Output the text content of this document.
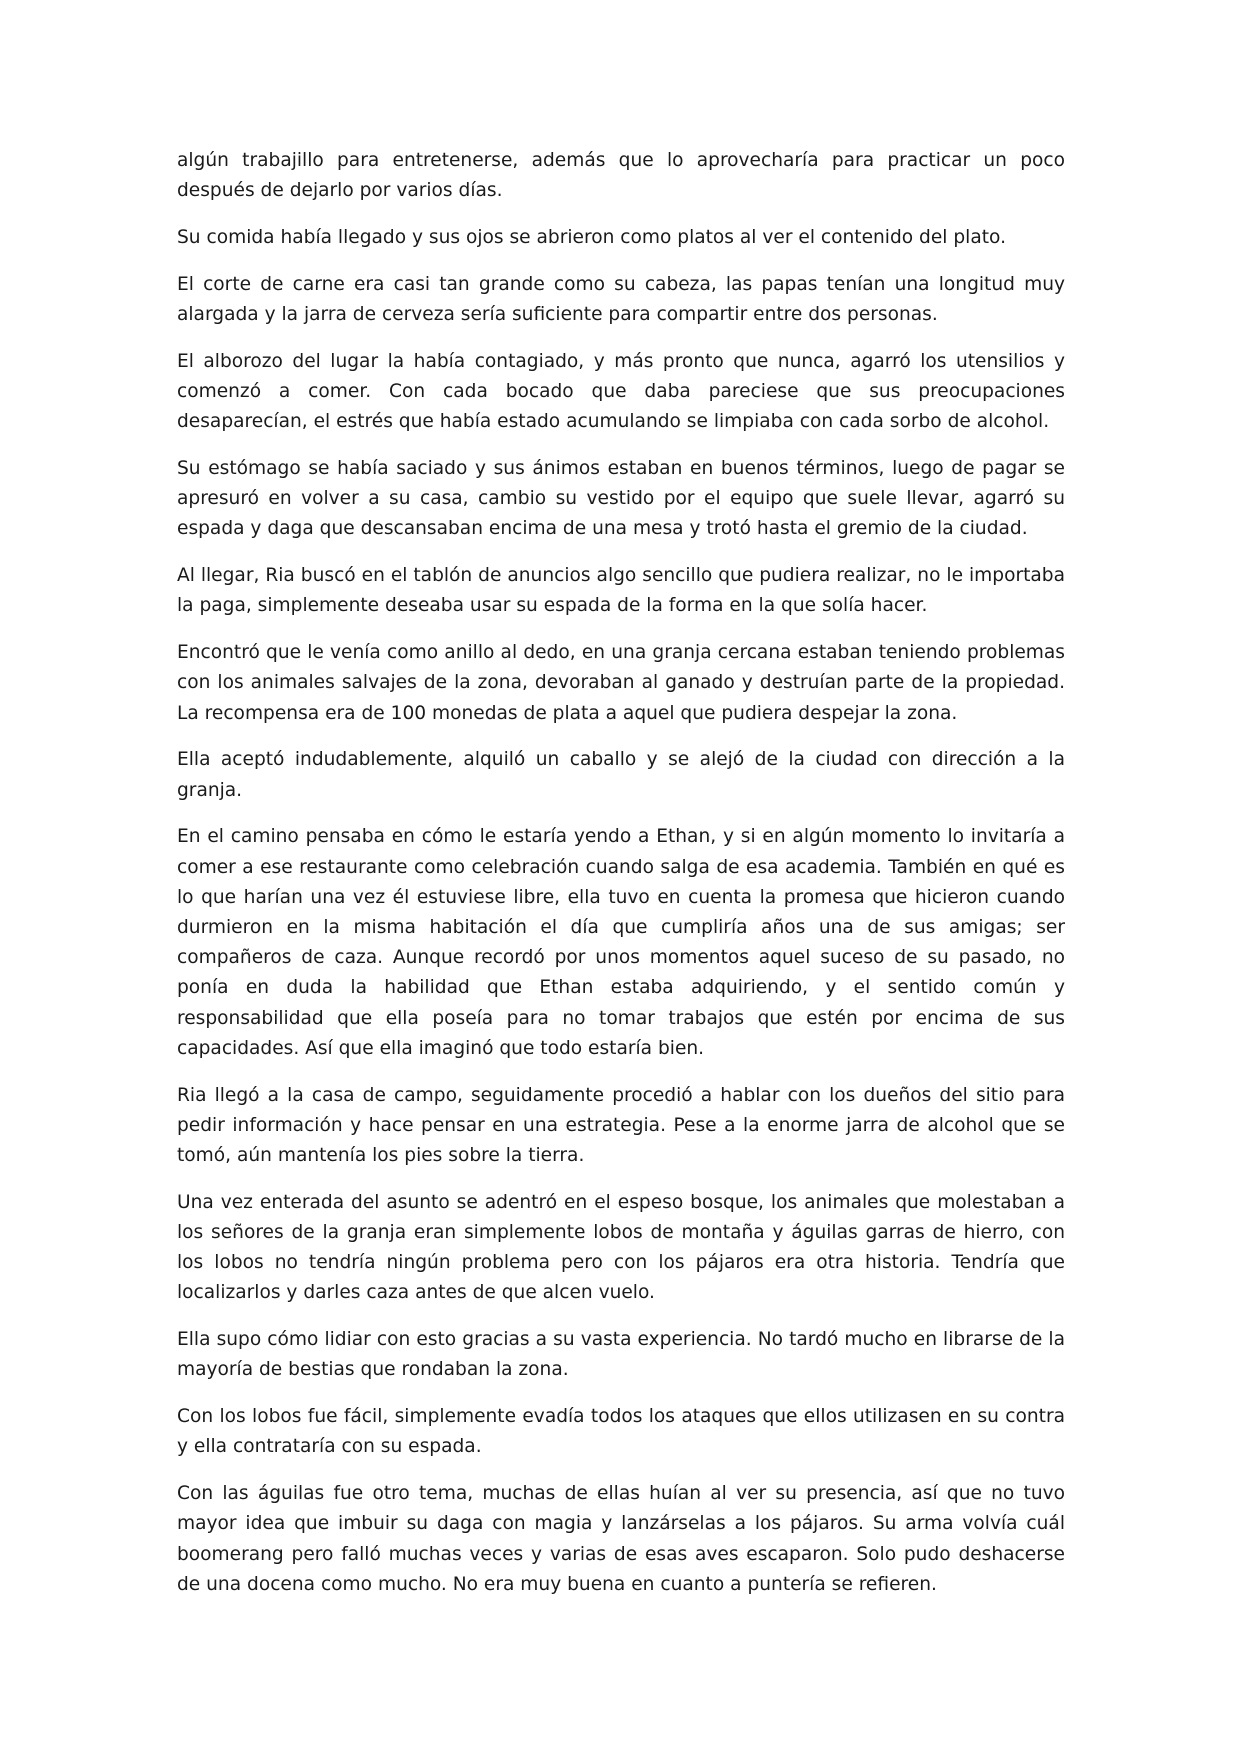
algún trabajillo para entretenerse, además que lo aprovecharía para practicar un poco después de dejarlo por varios días.

Su comida había llegado y sus ojos se abrieron como platos al ver el contenido del plato.

El corte de carne era casi tan grande como su cabeza, las papas tenían una longitud muy alargada y la jarra de cerveza sería suficiente para compartir entre dos personas.

El alborozo del lugar la había contagiado, y más pronto que nunca, agarró los utensilios y comenzó a comer. Con cada bocado que daba pareciese que sus preocupaciones desaparecían, el estrés que había estado acumulando se limpiaba con cada sorbo de alcohol.

Su estómago se había saciado y sus ánimos estaban en buenos términos, luego de pagar se apresuró en volver a su casa, cambio su vestido por el equipo que suele llevar, agarró su espada y daga que descansaban encima de una mesa y trotó hasta el gremio de la ciudad.

Al llegar, Ria buscó en el tablón de anuncios algo sencillo que pudiera realizar, no le importaba la paga, simplemente deseaba usar su espada de la forma en la que solía hacer.

Encontró que le venía como anillo al dedo, en una granja cercana estaban teniendo problemas con los animales salvajes de la zona, devoraban al ganado y destruían parte de la propiedad. La recompensa era de 100 monedas de plata a aquel que pudiera despejar la zona.

Ella aceptó indudablemente, alquiló un caballo y se alejó de la ciudad con dirección a la granja.

En el camino pensaba en cómo le estaría yendo a Ethan, y si en algún momento lo invitaría a comer a ese restaurante como celebración cuando salga de esa academia. También en qué es lo que harían una vez él estuviese libre, ella tuvo en cuenta la promesa que hicieron cuando durmieron en la misma habitación el día que cumpliría años una de sus amigas; ser compañeros de caza. Aunque recordó por unos momentos aquel suceso de su pasado, no ponía en duda la habilidad que Ethan estaba adquiriendo, y el sentido común y responsabilidad que ella poseía para no tomar trabajos que estén por encima de sus capacidades. Así que ella imaginó que todo estaría bien.

Ria llegó a la casa de campo, seguidamente procedió a hablar con los dueños del sitio para pedir información y hace pensar en una estrategia. Pese a la enorme jarra de alcohol que se tomó, aún mantenía los pies sobre la tierra.

Una vez enterada del asunto se adentró en el espeso bosque, los animales que molestaban a los señores de la granja eran simplemente lobos de montaña y águilas garras de hierro, con los lobos no tendría ningún problema pero con los pájaros era otra historia. Tendría que localizarlos y darles caza antes de que alcen vuelo.

Ella supo cómo lidiar con esto gracias a su vasta experiencia. No tardó mucho en librarse de la mayoría de bestias que rondaban la zona.

Con los lobos fue fácil, simplemente evadía todos los ataques que ellos utilizasen en su contra y ella contrataría con su espada.

Con las águilas fue otro tema, muchas de ellas huían al ver su presencia, así que no tuvo mayor idea que imbuir su daga con magia y lanzárselas a los pájaros. Su arma volvía cuál boomerang pero falló muchas veces y varias de esas aves escaparon. Solo pudo deshacerse de una docena como mucho. No era muy buena en cuanto a puntería se refieren.
